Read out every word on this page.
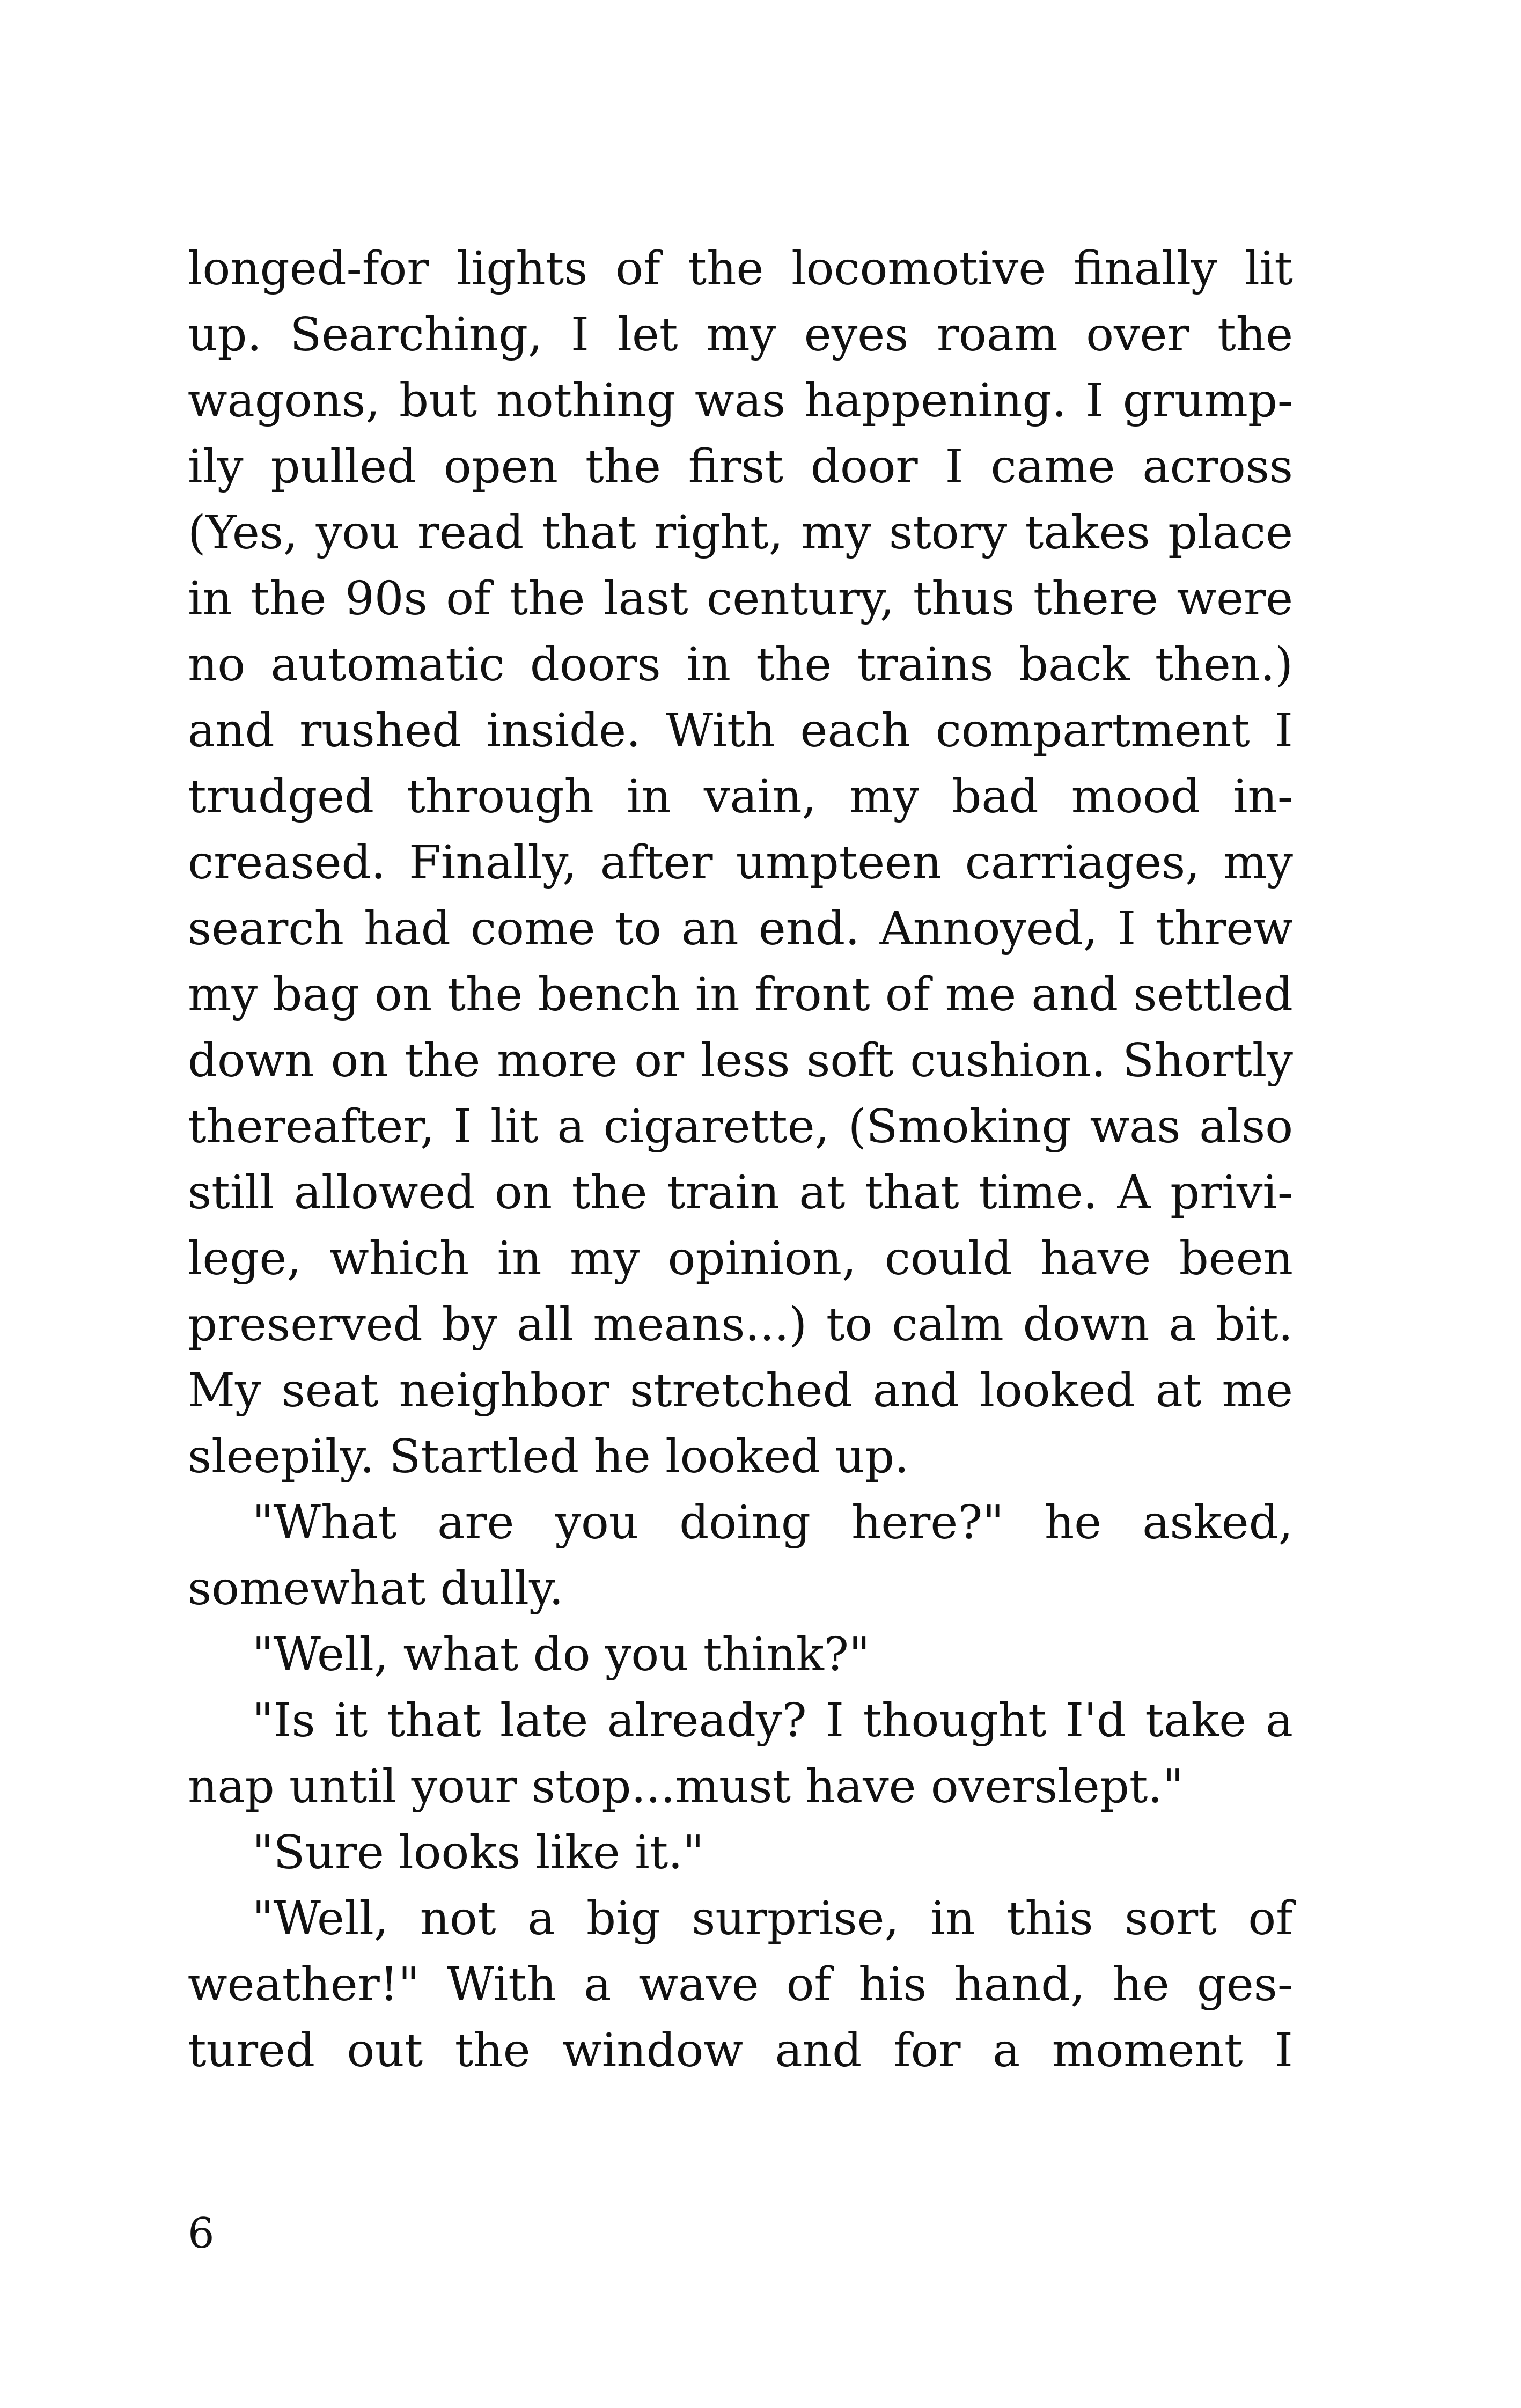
longed-for lights of the locomotive finally lit
up. Searching, I let my eyes roam over the
wagons, but nothing was happening. I grump-
ily pulled open the first door I came across
(Yes, you read that right, my story takes place
in the 90s of the last century, thus there were
no automatic doors in the trains back then.)
and rushed inside. With each compartment I
trudged through in vain, my bad mood in-
creased. Finally, after umpteen carriages, my
search had come to an end. Annoyed, I threw
my bag on the bench in front of me and settled
down on the more or less soft cushion. Shortly
thereafter, I lit a cigarette, (Smoking was also
still allowed on the train at that time. A privi-
lege, which in my opinion, could have been
preserved by all means...) to calm down a bit.
My seat neighbor stretched and looked at me
sleepily. Startled he looked up.
"What are you doing here?" he asked,
somewhat dully.
"Well, what do you think?"
"Is it that late already? I thought I'd take a
nap until your stop...must have overslept."
"Sure looks like it."
"Well, not a big surprise, in this sort of
weather!" With a wave of his hand, he ges-
tured out the window and for a moment I
6
